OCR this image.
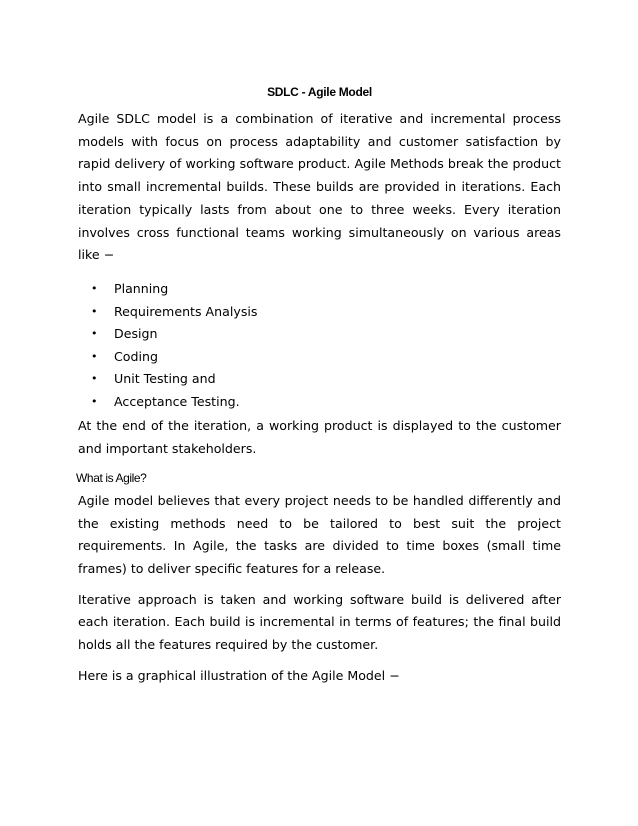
SDLC - Agile Model

Agile SDLC model is a combination of iterative and incremental process models with focus on process adaptability and customer satisfaction by rapid delivery of working software product. Agile Methods break the product into small incremental builds. These builds are provided in iterations. Each iteration typically lasts from about one to three weeks. Every iteration involves cross functional teams working simultaneously on various areas like −

• Planning
• Requirements Analysis
• Design
• Coding
• Unit Testing and
• Acceptance Testing.

At the end of the iteration, a working product is displayed to the customer and important stakeholders.

What is Agile?

Agile model believes that every project needs to be handled differently and the existing methods need to be tailored to best suit the project requirements. In Agile, the tasks are divided to time boxes (small time frames) to deliver specific features for a release.

Iterative approach is taken and working software build is delivered after each iteration. Each build is incremental in terms of features; the final build holds all the features required by the customer.

Here is a graphical illustration of the Agile Model −
